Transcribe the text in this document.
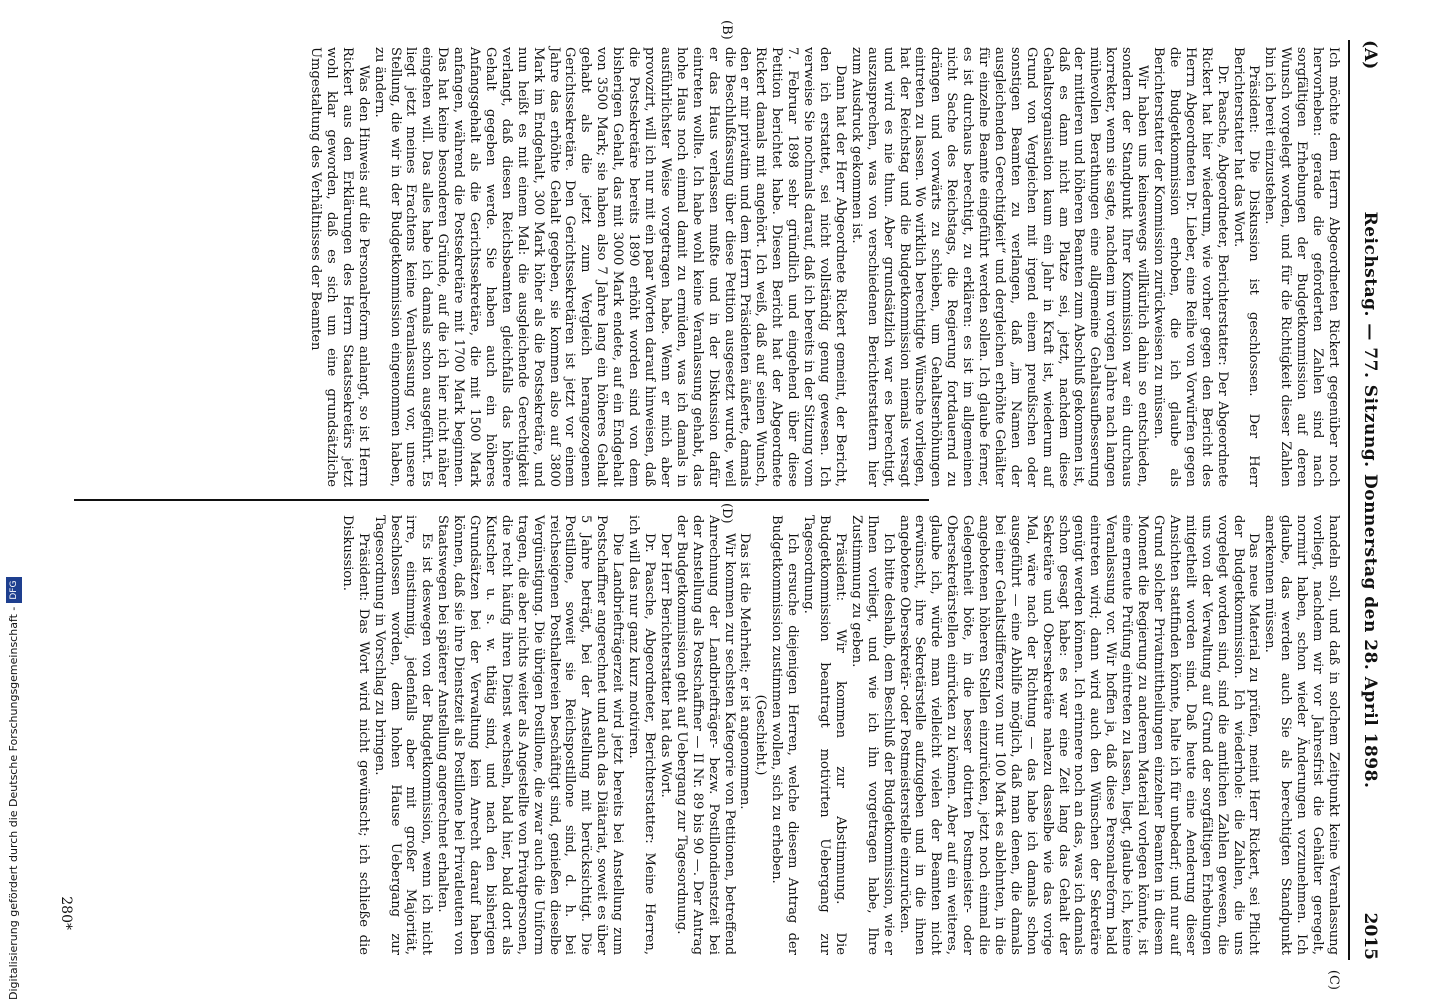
(A)
Reichstag. — 77. Sitzung. Donnerstag den 28. April 1898.
2015
(B)
(C)
(D)

Ich möchte dem Herrn Abgeordneten Rickert gegenüber noch hervorheben: gerade die geforderten Zahlen sind nach sorgfältigen Erhebungen der Budgetkommission auf deren Wunsch vorgelegt worden, und für die Richtigkeit dieser Zahlen bin ich bereit einzustehen.

Präsident: Die Diskussion ist geschlossen. Der Herr Berichterstatter hat das Wort.

Dr. Paasche, Abgeordneter, Berichterstatter: Der Abgeordnete Rickert hat hier wiederum, wie vorher gegen den Bericht des Herrn Abgeordneten Dr. Lieber, eine Reihe von Vorwürfen gegen die Budgetkommission erhoben, die ich glaube als Berichterstatter der Kommission zurückweisen zu müssen.

Wir haben uns keineswegs willkürlich dahin so entschieden, sondern der Standpunkt Ihrer Kommission war ein durchaus korrekter, wenn sie sagte, nachdem im vorigen Jahre nach langen mühevollen Berathungen eine allgemeine Gehaltsaufbesserung der mittleren und höheren Beamten zum Abschluß gekommen ist, daß es dann nicht am Platze sei, jetzt, nachdem diese Gehaltsorganisation kaum ein Jahr in Kraft ist, wiederum auf Grund von Vergleichen mit irgend einem preußischen oder sonstigen Beamten zu verlangen, daß „im Namen der ausgleichenden Gerechtigkeit“ und dergleichen erhöhte Gehälter für einzelne Beamte eingeführt werden sollen. Ich glaube ferner, es ist durchaus berechtigt, zu erklären: es ist im allgemeinen nicht Sache des Reichstags, die Regierung fortdauernd zu drängen und vorwärts zu schieben, um Gehaltserhöhungen eintreten zu lassen. Wo wirklich berechtigte Wünsche vorliegen, hat der Reichstag und die Budgetkommission niemals versagt und wird es nie thun. Aber grundsätzlich war es berechtigt, auszusprechen, was von verschiedenen Berichterstattern hier zum Ausdruck gekommen ist.

Dann hat der Herr Abgeordnete Rickert gemeint, der Bericht, den ich erstattet, sei nicht vollständig genug gewesen. Ich verweise Sie nochmals darauf, daß ich bereits in der Sitzung vom 7. Februar 1898 sehr gründlich und eingehend über diese Petition berichtet habe. Diesen Bericht hat der Abgeordnete Rickert damals mit angehört. Ich weiß, daß auf seinen Wunsch, den er mir privatim und dem Herrn Präsidenten äußerte, damals die Beschlußfassung über diese Petition ausgesetzt wurde, weil er das Haus verlassen mußte und in der Diskussion dafür eintreten wollte. Ich habe wohl keine Veranlassung gehabt, das hohe Haus noch einmal damit zu ermüden, was ich damals in ausführlichster Weise vorgetragen habe. Wenn er mich aber provozirt, will ich nur mit ein paar Worten darauf hinweisen, daß die Postsekretäre bereits 1890 erhöht worden sind von dem bisherigen Gehalt, das mit 3000 Mark endete, auf ein Endgehalt von 3500 Mark; sie haben also 7 Jahre lang ein höheres Gehalt gehabt als die jetzt zum Vergleich herangezogenen Gerichtssekretäre. Den Gerichtssekretären ist jetzt vor einem Jahre das erhöhte Gehalt gegeben, sie kommen also auf 3800 Mark im Endgehalt, 300 Mark höher als die Postsekretäre, und nun heißt es mit einem Mal: die ausgleichende Gerechtigkeit verlangt, daß diesen Reichsbeamten gleichfalls das höhere Gehalt gegeben werde. Sie haben auch ein höheres Anfangsgehalt als die Gerichtssekretäre, die mit 1500 Mark anfangen, während die Postsekretäre mit 1700 Mark beginnen. Das hat keine besonderen Gründe, auf die ich hier nicht näher eingehen will. Das alles habe ich damals schon ausgeführt. Es liegt jetzt meines Erachtens keine Veranlassung vor, unsere Stellung, die wir in der Budgetkommission eingenommen haben, zu ändern.

Was den Hinweis auf die Personalreform anlangt, so ist Herrn Rickert aus den Erklärungen des Herrn Staatssekretärs jetzt wohl klar geworden, daß es sich um eine grundsätzliche Umgestaltung des Verhältnisses der Beamten

handeln soll, und daß in solchem Zeitpunkt keine Veranlassung vorliegt, nachdem wir vor Jahresfrist die Gehälter geregelt, normirt haben, schon wieder Änderungen vorzunehmen. Ich glaube, das werden auch Sie als berechtigten Standpunkt anerkennen müssen.

Das neue Material zu prüfen, meint Herr Rickert, sei Pflicht der Budgetkommission. Ich wiederhole: die Zahlen, die uns vorgelegt worden sind, sind die amtlichen Zahlen gewesen, die uns von der Verwaltung auf Grund der sorgfältigen Erhebungen mitgetheilt worden sind. Daß heute eine Aenderung dieser Ansichten stattfinden könnte, halte ich für unbedarf; und nur auf Grund solcher Privatmittheilungen einzelner Beamten in diesem Moment die Regierung zu anderem Material vorlegen könnte, ist eine erneute Prüfung eintreten zu lassen, liegt, glaube ich, keine Veranlassung vor. Wir hoffen ja, daß diese Personalreform bald eintreten wird; dann wird auch den Wünschen der Sekretäre genügt werden können. Ich erinnere noch an das, was ich damals schon gesagt habe: es war eine Zeit lang das Gehalt der Sekretäre und Obersekretäre nahezu dasselbe wie das vorige Mal, wäre nach der Richtung — das habe ich damals schon ausgeführt — eine Abhilfe möglich, daß man denen, die damals bei einer Gehaltsdifferenz von nur 100 Mark es ablehnten, in die angebotenen höheren Stellen einzurücken, jetzt noch einmal die Gelegenheit böte, in die besser dotirten Postmeister- oder Obersekretärstellen einrücken zu können. Aber auf ein weiteres, glaube ich, würde man vielleicht vielen der Beamten nicht erwünscht, ihre Sekretärstelle aufzugeben und in die ihnen angebotene Obersekretär- oder Postmeisterstelle einzurücken.

Ich bitte deshalb, dem Beschluß der Budgetkommission, wie er Ihnen vorliegt, und wie ich ihn vorgetragen habe, Ihre Zustimmung zu geben.

Präsident: Wir kommen zur Abstimmung. Die Budgetkommission beantragt motivirten Uebergang zur Tagesordnung.

Ich ersuche diejenigen Herren, welche diesem Antrag der Budgetkommission zustimmen wollen, sich zu erheben.

(Geschieht.)

Das ist die Mehrheit; er ist angenommen.

Wir kommen zur sechsten Kategorie von Petitionen, betreffend Anrechnung der Landbriefträger- bezw. Postillondienstzeit bei der Anstellung als Postschaffner — II Nr. 89 bis 90 —. Der Antrag der Budgetkommission geht auf Uebergang zur Tagesordnung.

Der Herr Berichterstatter hat das Wort.

Dr. Paasche, Abgeordneter, Berichterstatter: Meine Herren, ich will das nur ganz kurz motiviren.

Die Landbriefträgerzeit wird jetzt bereits bei Anstellung zum Postschaffner angerechnet und auch das Diätariat, soweit es über 5 Jahre beträgt, bei der Anstellung mit berücksichtigt. Die Postillone, soweit sie Reichspostillone sind, d. h. bei reichseigenen Posthaltereien beschäftigt sind, genießen dieselbe Vergünstigung. Die übrigen Postillone, die zwar auch die Uniform tragen, die aber nichts weiter als Angestellte von Privatpersonen, die recht häufig ihren Dienst wechseln, bald hier, bald dort als Kutscher u. s. w. thätig sind, und nach den bisherigen Grundsätzen bei der Verwaltung kein Anrecht darauf haben können, daß sie ihre Dienstzeit als Postillone bei Privatleuten von Staatswegen bei späterer Anstellung angerechnet erhalten.

Es ist deswegen von der Budgetkommission, wenn ich nicht irre, einstimmig, jedenfalls aber mit großer Majorität, beschlossen worden, dem hohen Hause Uebergang zur Tagesordnung in Vorschlag zu bringen.

Präsident: Das Wort wird nicht gewünscht; ich schließe die Diskussion.

280*
Digitalisierung gefördert durch die Deutsche Forschungsgemeinschaft - DFG
